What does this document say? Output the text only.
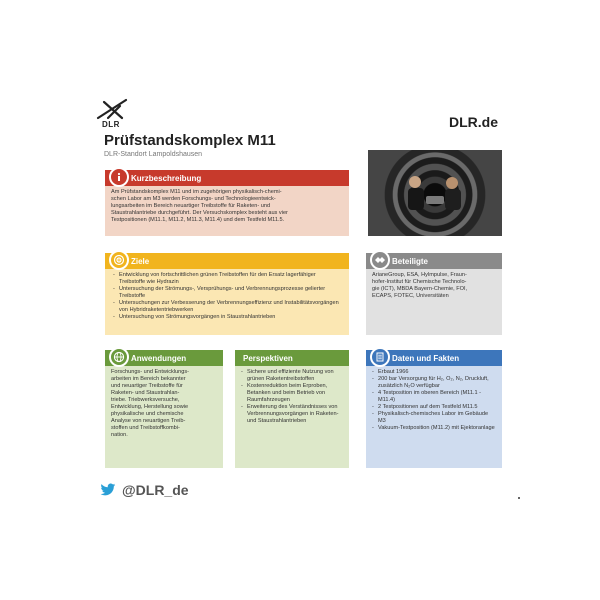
DLR	DLR.de
Prüfstandskomplex M11
DLR-Standort Lampoldshausen
Kurzbeschreibung
Am Prüfstandskomplex M11 und im zugehörigen physikalisch-chemi-
schen Labor am M3 werden Forschungs- und Technologieentwick-
lungsarbeiten im Bereich neuartiger Treibstoffe für Raketen- und
Staustrahlantriebe durchgeführt. Der Versuchskomplex besteht aus vier
Testpositionen (M11.1, M11.2, M11.3, M11.4) und dem Testfeld M11.5.
Ziele
- Entwicklung von fortschrittlichen grünen Treibstoffen für den Ersatz lagerfähiger Treibstoffe wie Hydrazin
- Untersuchung der Strömungs-, Versprühungs- und Verbrennungsprozesse gelierter Treibstoffe
- Untersuchungen zur Verbesserung der Verbrennungseffizienz und Instabilitätsvorgängen von Hybridraketentriebwerken
- Untersuchung von Strömungsvorgängen in Staustrahlantrieben
Beteiligte
ArianeGroup, ESA, Hylmpulse, Fraun-
hofer-Institut für Chemische Technolo-
gie (ICT), MBDA Bayern-Chemie, FOI,
ECAPS, FOTEC, Universitäten
Anwendungen
Forschungs- und Entwicklungs-
arbeiten im Bereich bekannter
und neuartiger Treibstoffe für
Raketen- und Staustrahlan-
triebe. Triebwerksversuche,
Entwicklung, Herstellung sowie
physikalische und chemische
Analyse von neuartigen Treib-
stoffen und Treibstoffkombi-
nation.
Perspektiven
- Sichere und effiziente Nutzung von grünen Raketentreibstoffen
- Kostenreduktion beim Erproben, Betanken und beim Betrieb von Raumfahrzeugen
- Erweiterung des Verständnisses von Verbrennungsvorgängen in Raketen- und Staustrahlantrieben
Daten und Fakten
- Erbaut 1966
- 200 bar Versorgung für H₂, O₂, N₂, Druckluft, zusätzlich N₂O verfügbar
- 4 Testposition im oberen Bereich (M11.1 - M11.4)
- 2 Testpositionen auf dem Testfeld M11.5
- Physikalisch-chemisches Labor im Gebäude M3
- Vakuum-Testposition (M11.2) mit Ejektoranlage
@DLR_de
